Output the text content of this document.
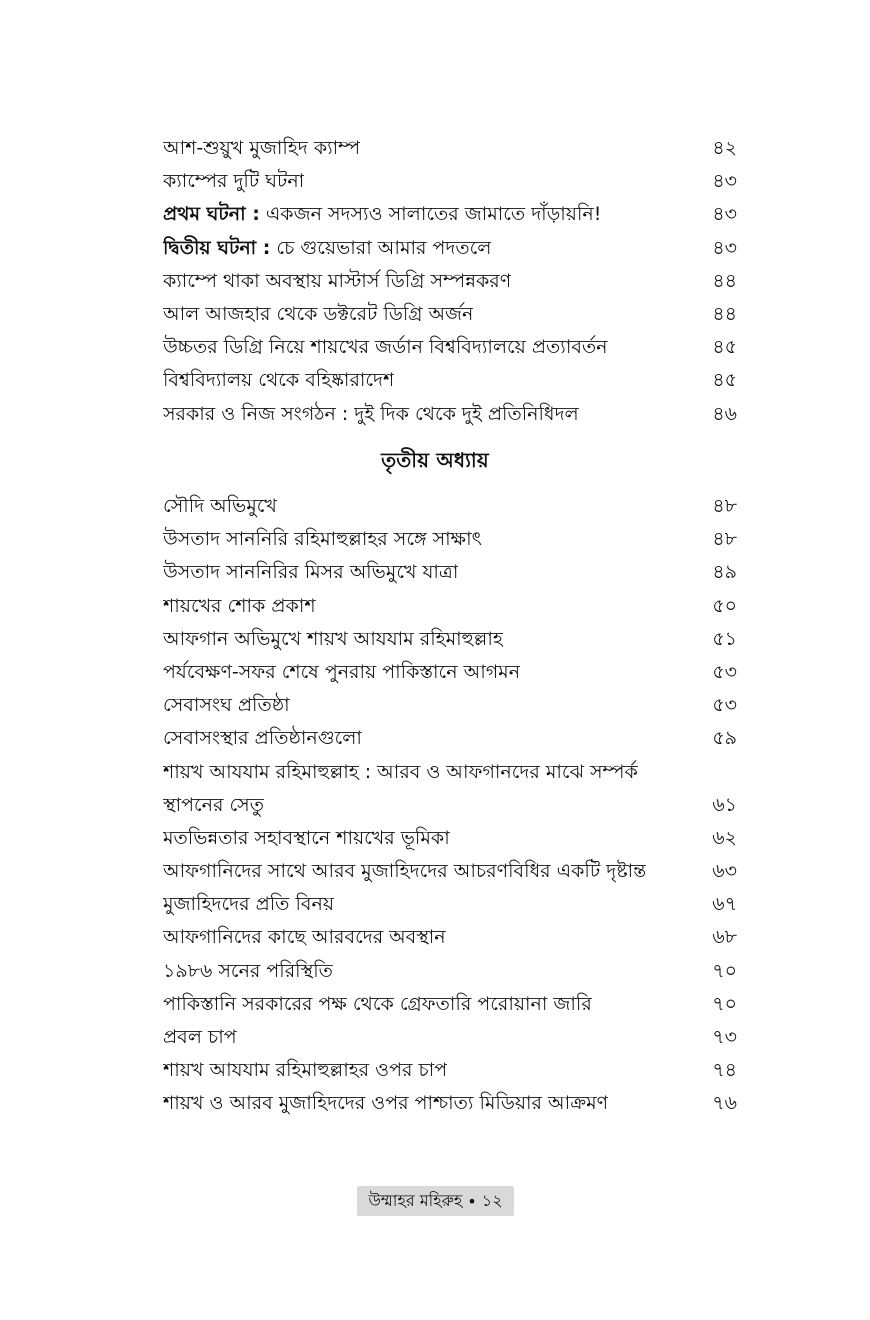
আশ-শুয়ুখ মুজাহিদ ক্যাম্প	৪২
ক্যাম্পের দুটি ঘটনা	৪৩
প্রথম ঘটনা : একজন সদস্যও সালাতের জামাতে দাঁড়ায়নি!	৪৩
দ্বিতীয় ঘটনা : চে গুয়েভারা আমার পদতলে	৪৩
ক্যাম্পে থাকা অবস্থায় মাস্টার্স ডিগ্রি সম্পন্নকরণ	৪৪
আল আজহার থেকে ডক্টরেট ডিগ্রি অর্জন	৪৪
উচ্চতর ডিগ্রি নিয়ে শায়খের জর্ডান বিশ্ববিদ্যালয়ে প্রত্যাবর্তন	৪৫
বিশ্ববিদ্যালয় থেকে বহিষ্কারাদেশ	৪৫
সরকার ও নিজ সংগঠন : দুই দিক থেকে দুই প্রতিনিধিদল	৪৬
তৃতীয় অধ্যায়
সৌদি অভিমুখে	৪৮
উসতাদ সাননিরি রহিমাহুল্লাহর সঙ্গে সাক্ষাৎ	৪৮
উসতাদ সাননিরির মিসর অভিমুখে যাত্রা	৪৯
শায়খের শোক প্রকাশ	৫০
আফগান অভিমুখে শায়খ আযযাম রহিমাহুল্লাহ	৫১
পর্যবেক্ষণ-সফর শেষে পুনরায় পাকিস্তানে আগমন	৫৩
সেবাসংঘ প্রতিষ্ঠা	৫৩
সেবাসংস্থার প্রতিষ্ঠানগুলো	৫৯
শায়খ আযযাম রহিমাহুল্লাহ : আরব ও আফগানদের মাঝে সম্পর্ক
স্থাপনের সেতু	৬১
মতভিন্নতার সহাবস্থানে শায়খের ভূমিকা	৬২
আফগানিদের সাথে আরব মুজাহিদদের আচরণবিধির একটি দৃষ্টান্ত	৬৩
মুজাহিদদের প্রতি বিনয়	৬৭
আফগানিদের কাছে আরবদের অবস্থান	৬৮
১৯৮৬ সনের পরিস্থিতি	৭০
পাকিস্তানি সরকারের পক্ষ থেকে গ্রেফতারি পরোয়ানা জারি	৭০
প্রবল চাপ	৭৩
শায়খ আযযাম রহিমাহুল্লাহর ওপর চাপ	৭৪
শায়খ ও আরব মুজাহিদদের ওপর পাশ্চাত্য মিডিয়ার আক্রমণ	৭৬
উম্মাহর মহিরুহ • ১২
